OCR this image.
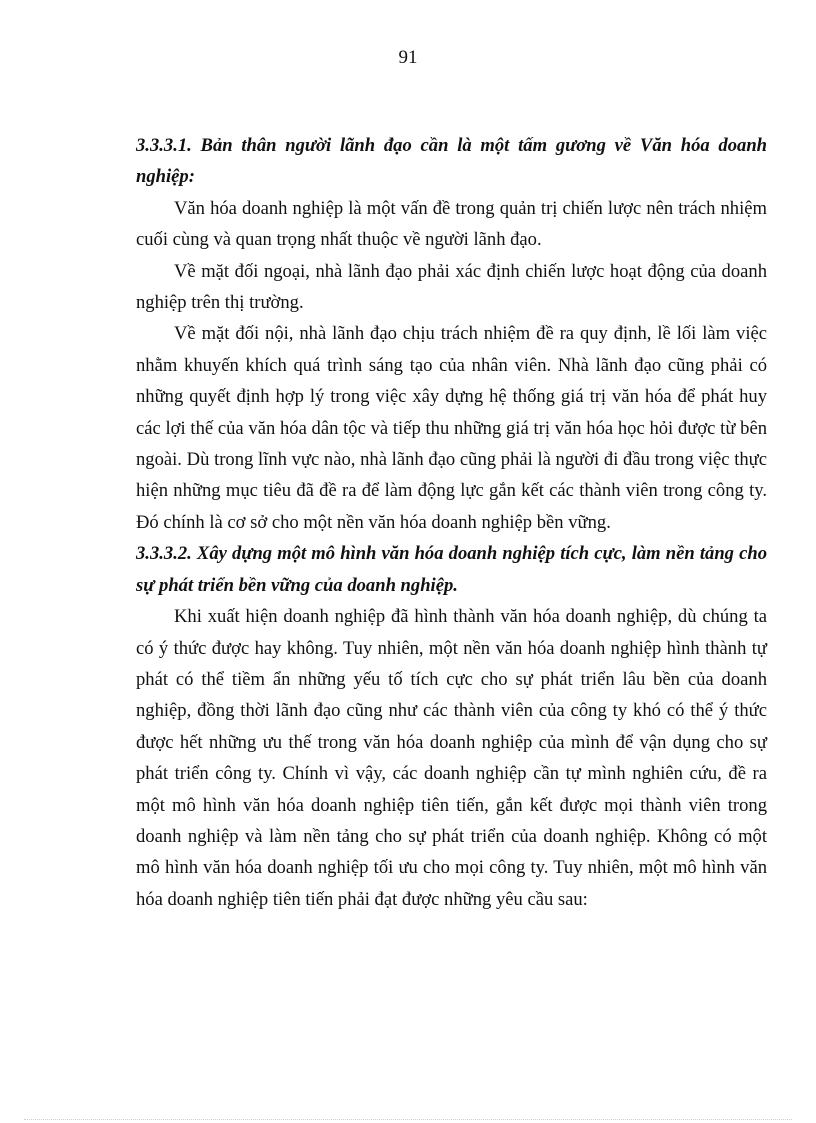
91

3.3.3.1. Bản thân người lãnh đạo cần là một tấm gương về Văn hóa doanh nghiệp:

Văn hóa doanh nghiệp là một vấn đề trong quản trị chiến lược nên trách nhiệm cuối cùng và quan trọng nhất thuộc về người lãnh đạo.

Về mặt đối ngoại, nhà lãnh đạo phải xác định chiến lược hoạt động của doanh nghiệp trên thị trường.

Về mặt đối nội, nhà lãnh đạo chịu trách nhiệm đề ra quy định, lề lối làm việc nhằm khuyến khích quá trình sáng tạo của nhân viên. Nhà lãnh đạo cũng phải có những quyết định hợp lý trong việc xây dựng hệ thống giá trị văn hóa để phát huy các lợi thế của văn hóa dân tộc và tiếp thu những giá trị văn hóa học hỏi được từ bên ngoài. Dù trong lĩnh vực nào, nhà lãnh đạo cũng phải là người đi đầu trong việc thực hiện những mục tiêu đã đề ra để làm động lực gắn kết các thành viên trong công ty. Đó chính là cơ sở cho một nền văn hóa doanh nghiệp bền vững.

3.3.3.2. Xây dựng một mô hình văn hóa doanh nghiệp tích cực, làm nền tảng cho sự phát triển bền vững của doanh nghiệp.

Khi xuất hiện doanh nghiệp đã hình thành văn hóa doanh nghiệp, dù chúng ta có ý thức được hay không. Tuy nhiên, một nền văn hóa doanh nghiệp hình thành tự phát có thể tiềm ẩn những yếu tố tích cực cho sự phát triển lâu bền của doanh nghiệp, đồng thời lãnh đạo cũng như các thành viên của công ty khó có thể ý thức được hết những ưu thế trong văn hóa doanh nghiệp của mình để vận dụng cho sự phát triển công ty. Chính vì vậy, các doanh nghiệp cần tự mình nghiên cứu, đề ra một mô hình văn hóa doanh nghiệp tiên tiến, gắn kết được mọi thành viên trong doanh nghiệp và làm nền tảng cho sự phát triển của doanh nghiệp. Không có một mô hình văn hóa doanh nghiệp tối ưu cho mọi công ty. Tuy nhiên, một mô hình văn hóa doanh nghiệp tiên tiến phải đạt được những yêu cầu sau:
